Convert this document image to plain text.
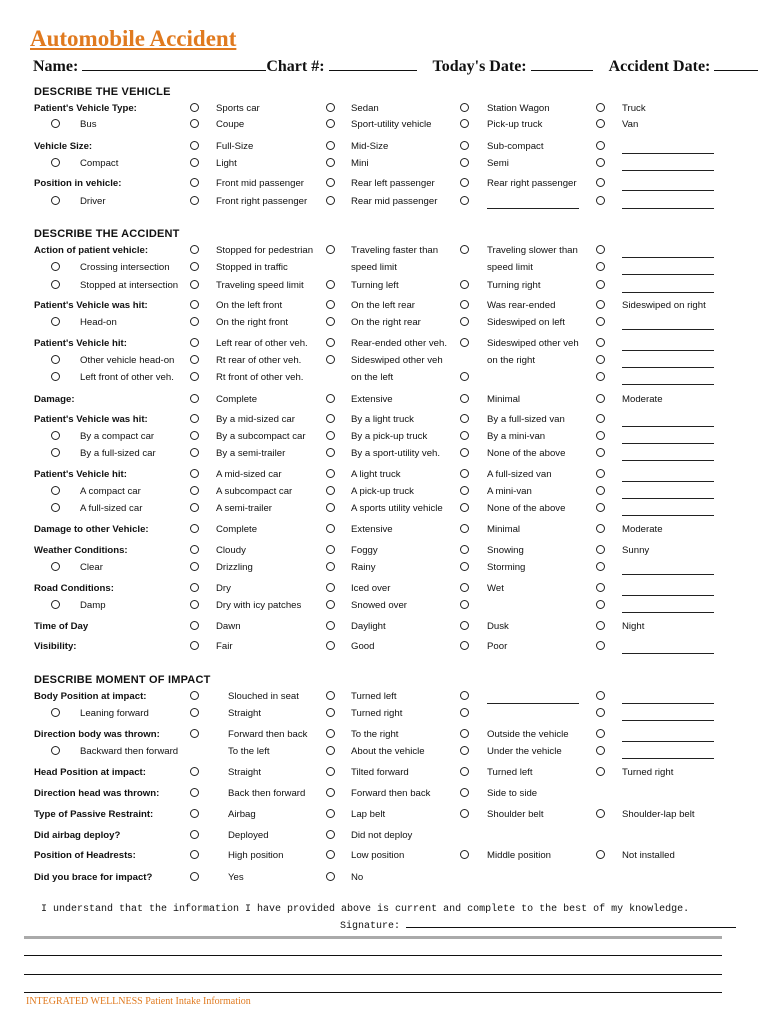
Automobile Accident
Name:	Chart #:	Today's Date:	Accident Date:
DESCRIBE THE VEHICLE
DESCRIBE THE ACCIDENT
DESCRIBE MOMENT OF IMPACT
Patient's Vehicle Type:	Sports car	Sedan	Station Wagon	Truck
Bus	Coupe	Sport-utility vehicle	Pick-up truck	Van
Vehicle Size:	Full-Size	Mid-Size	Sub-compact
Compact	Light	Mini	Semi
Position in vehicle:	Front mid passenger	Rear left passenger	Rear right passenger
Driver	Front right passenger	Rear mid passenger
Action of patient vehicle:	Stopped for pedestrian	Traveling faster than	Traveling slower than
Crossing intersection	Stopped in traffic	speed limit	speed limit
Stopped at intersection	Traveling speed limit	Turning left	Turning right
Patient's Vehicle was hit:	On the left front	On the left rear	Was rear-ended	Sideswiped on right
Head-on	On the right front	On the right rear	Sideswiped on left
Patient's Vehicle hit:	Left rear of other veh.	Rear-ended other veh.	Sideswiped other veh
Other vehicle head-on	Rt rear of other veh.	Sideswiped other veh	on the right
Left front of other veh.	Rt front of other veh.	on the left
Damage:	Complete	Extensive	Minimal	Moderate
Patient's Vehicle was hit:	By a mid-sized car	By a light truck	By a full-sized van
By a compact car	By a subcompact car	By a pick-up truck	By a mini-van
By a full-sized car	By a semi-trailer	By a sport-utility veh.	None of the above
Patient's Vehicle hit:	A mid-sized car	A light truck	A full-sized van
A compact car	A subcompact car	A pick-up truck	A mini-van
A full-sized car	A semi-trailer	A sports utility vehicle	None of the above
Damage to other Vehicle:	Complete	Extensive	Minimal	Moderate
Weather Conditions:	Cloudy	Foggy	Snowing	Sunny
Clear	Drizzling	Rainy	Storming
Road Conditions:	Dry	Iced over	Wet
Damp	Dry with icy patches	Snowed over
Time of Day	Dawn	Daylight	Dusk	Night
Visibility:	Fair	Good	Poor
Body Position at impact:	Slouched in seat	Turned left
Leaning forward	Straight	Turned right
Direction body was thrown:	Forward then back	To the right	Outside the vehicle
Backward then forward	To the left	About the vehicle	Under the vehicle
Head Position at impact:	Straight	Tilted forward	Turned left	Turned right
Direction head was thrown:	Back then forward	Forward then back	Side to side
Type of Passive Restraint:	Airbag	Lap belt	Shoulder belt	Shoulder-lap belt
Did airbag deploy?	Deployed	Did not deploy
Position of Headrests:	High position	Low position	Middle position	Not installed
Did you brace for impact?	Yes	No
I understand that the information I have provided above is current and complete to the best of my knowledge.
Signature:
INTEGRATED WELLNESS Patient Intake Information
